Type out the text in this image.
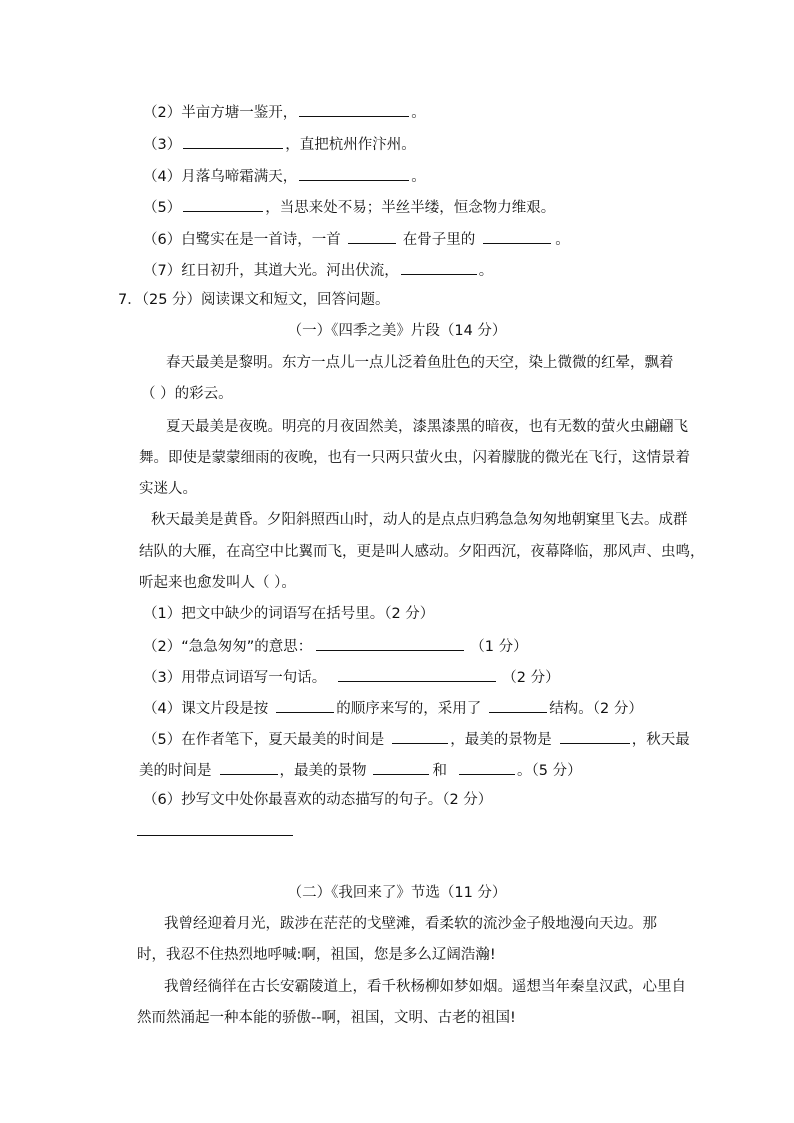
（2）半亩方塘一鉴开，	。
（3）	，直把杭州作汴州。
（4）月落乌啼霜满天，	。
（5）	，当思来处不易；半丝半缕，恒念物力维艰。
（6）白鹭实在是一首诗，一首	在骨子里的	。
（7）红日初升，其道大光。河出伏流，	。
7．（25 分）阅读课文和短文，回答问题。
（一）《四季之美》片段（14 分）
春天最美是黎明。东方一点儿一点儿泛着鱼肚色的天空，染上微微的红晕，飘着
（ ）的彩云。
夏天最美是夜晚。明亮的月夜固然美，漆黑漆黑的暗夜，也有无数的萤火虫翩翩飞
舞。即使是蒙蒙细雨的夜晚，也有一只两只萤火虫，闪着朦胧的微光在飞行，这情景着
实迷人。
秋天最美是黄昏。夕阳斜照西山时，动人的是点点归鸦急急匆匆地朝窠里飞去。成群
结队的大雁，在高空中比翼而飞，更是叫人感动。夕阳西沉，夜幕降临，那风声、虫鸣，
听起来也愈发叫人（ ）。
（1）把文中缺少的词语写在括号里。（2 分）
（2）“急急匆匆”的意思：	（1 分）
（3）用带点词语写一句话。	（2 分）
（4）课文片段是按	的顺序来写的，采用了	结构。（2 分）
（5）在作者笔下，夏天最美的时间是	，最美的景物是	，秋天最
美的时间是	，最美的景物	和	。（5 分）
（6）抄写文中处你最喜欢的动态描写的句子。（2 分）
（二）《我回来了》节选（11 分）
我曾经迎着月光，跋涉在茫茫的戈壁滩，看柔软的流沙金子般地漫向天边。那
时，我忍不住热烈地呼喊:啊，祖国，您是多么辽阔浩瀚!
我曾经徜徉在古长安霸陵道上，看千秋杨柳如梦如烟。遥想当年秦皇汉武，心里自
然而然涌起一种本能的骄傲--啊，祖国，文明、古老的祖国!
